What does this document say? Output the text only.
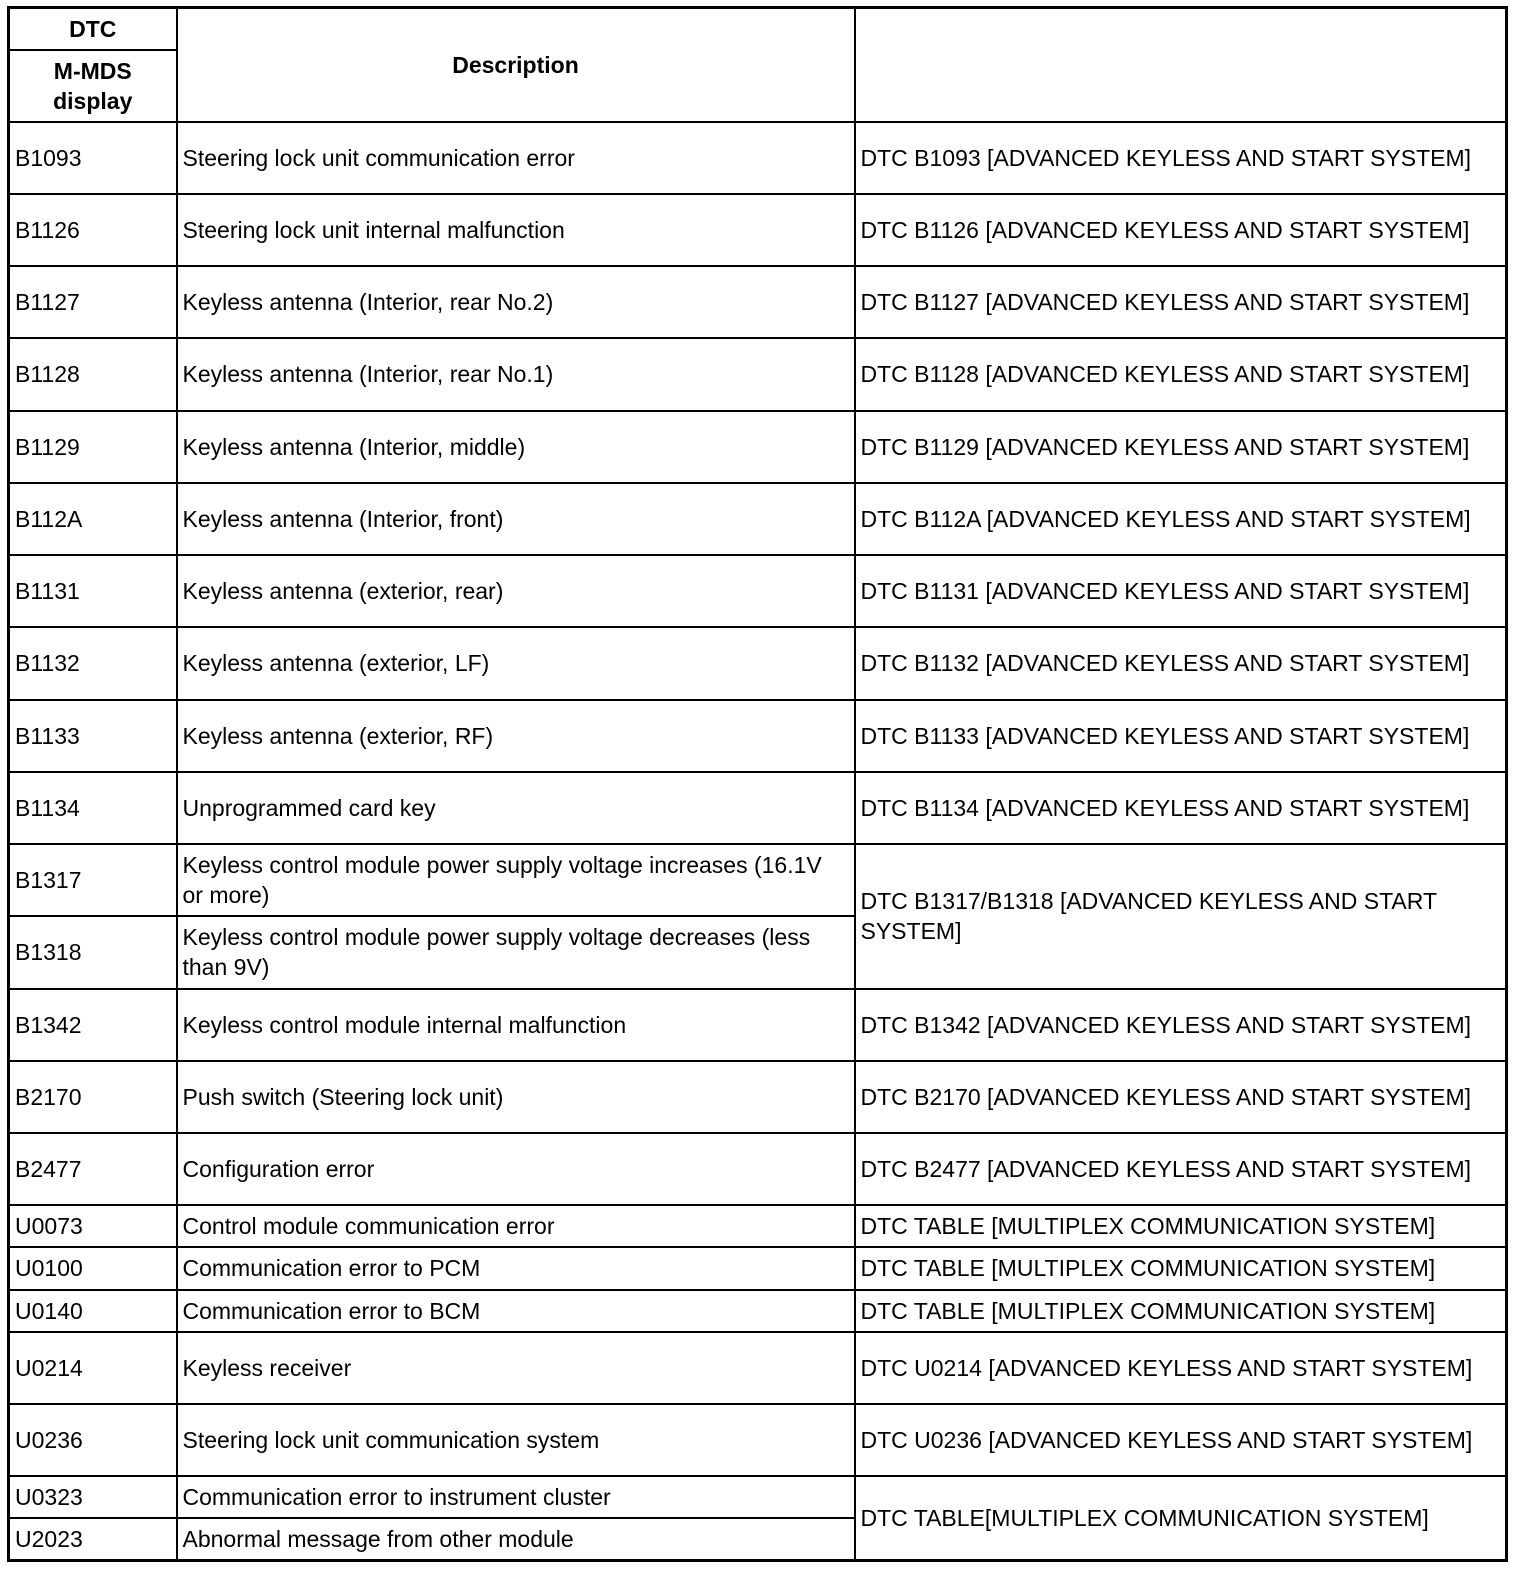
DTC	Description	
M-MDS
display		
B1093	Steering lock unit communication error	DTC B1093 [ADVANCED KEYLESS AND START SYSTEM]
B1126	Steering lock unit internal malfunction	DTC B1126 [ADVANCED KEYLESS AND START SYSTEM]
B1127	Keyless antenna (Interior, rear No.2)	DTC B1127 [ADVANCED KEYLESS AND START SYSTEM]
B1128	Keyless antenna (Interior, rear No.1)	DTC B1128 [ADVANCED KEYLESS AND START SYSTEM]
B1129	Keyless antenna (Interior, middle)	DTC B1129 [ADVANCED KEYLESS AND START SYSTEM]
B112A	Keyless antenna (Interior, front)	DTC B112A [ADVANCED KEYLESS AND START SYSTEM]
B1131	Keyless antenna (exterior, rear)	DTC B1131 [ADVANCED KEYLESS AND START SYSTEM]
B1132	Keyless antenna (exterior, LF)	DTC B1132 [ADVANCED KEYLESS AND START SYSTEM]
B1133	Keyless antenna (exterior, RF)	DTC B1133 [ADVANCED KEYLESS AND START SYSTEM]
B1134	Unprogrammed card key	DTC B1134 [ADVANCED KEYLESS AND START SYSTEM]
B1317	Keyless control module power supply voltage increases (16.1V or more)	DTC B1317/B1318 [ADVANCED KEYLESS AND START SYSTEM]
B1318	Keyless control module power supply voltage decreases (less than 9V)	
B1342	Keyless control module internal malfunction	DTC B1342 [ADVANCED KEYLESS AND START SYSTEM]
B2170	Push switch (Steering lock unit)	DTC B2170 [ADVANCED KEYLESS AND START SYSTEM]
B2477	Configuration error	DTC B2477 [ADVANCED KEYLESS AND START SYSTEM]
U0073	Control module communication error	DTC TABLE [MULTIPLEX COMMUNICATION SYSTEM]
U0100	Communication error to PCM	DTC TABLE [MULTIPLEX COMMUNICATION SYSTEM]
U0140	Communication error to BCM	DTC TABLE [MULTIPLEX COMMUNICATION SYSTEM]
U0214	Keyless receiver	DTC U0214 [ADVANCED KEYLESS AND START SYSTEM]
U0236	Steering lock unit communication system	DTC U0236 [ADVANCED KEYLESS AND START SYSTEM]
U0323	Communication error to instrument cluster	DTC TABLE[MULTIPLEX COMMUNICATION SYSTEM]
U2023	Abnormal message from other module	
